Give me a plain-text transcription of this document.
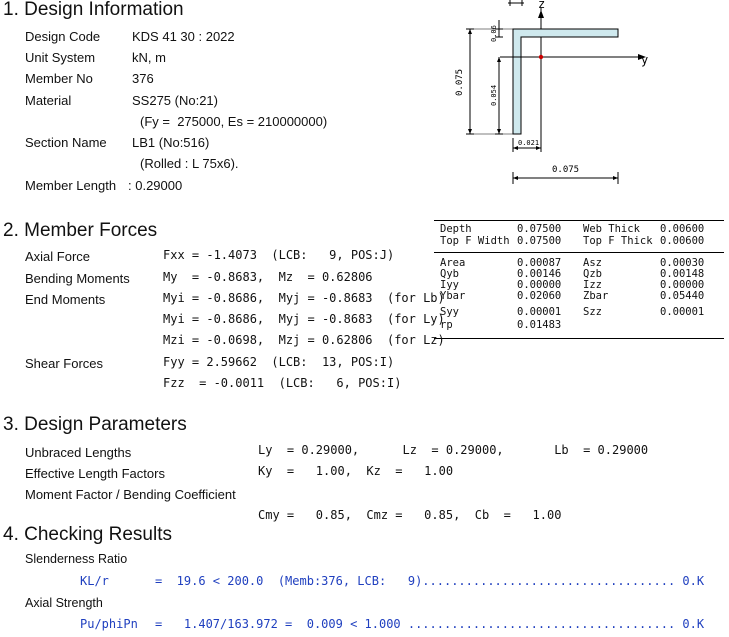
1. Design Information
Design Code KDS 41 30 : 2022
Unit System	kN, m
Member No	376
Material	SS275 (No:21)
(Fy =  275000, Es = 210000000)
Section Name LB1 (No:516)
(Rolled : L 75x6).
Member Length : 0.29000
z
y
0.075
0.06
0.054
0.021
0.075
2. Member Forces	Depth	0.07500 Web Thick 0.00600
Top F Width 0.07500 Top F Thick 0.00600
Area	0.00087 Asz	0.00030
Qyb	0.00146 Qzb	0.00148
Iyy	0.00000 Izz	0.00000
Ybar	0.02060 Zbar	0.05440
Syy	0.00001 Szz	0.00001
rp	0.01483
Axial Force	Fxx = -1.4073  (LCB:   9, POS:J)
Bending Moments	My  = -0.8683,  Mz  = 0.62806
End Moments	Myi = -0.8686,  Myj = -0.8683  (for Lb)
Myi = -0.8686,  Myj = -0.8683  (for Ly)
Mzi = -0.0698,  Mzj = 0.62806  (for Lz)
Shear Forces	Fyy = 2.59662  (LCB:  13, POS:I)
Fzz  = -0.0011  (LCB:   6, POS:I)
3. Design Parameters
Unbraced Lengths	Ly  = 0.29000,      Lz  = 0.29000,       Lb  = 0.29000
Effective Length Factors	Ky  =   1.00,  Kz  =   1.00
Moment Factor / Bending Coefficient
Cmy =   0.85,  Cmz =   0.85,  Cb  =   1.00
4. Checking Results
Slenderness Ratio
KL/r	=  19.6 < 200.0  (Memb:376, LCB:   9)................................... 0.K
Axial Strength
Pu/phiPn =   1.407/163.972 =  0.009 < 1.000 ..................................... 0.K
